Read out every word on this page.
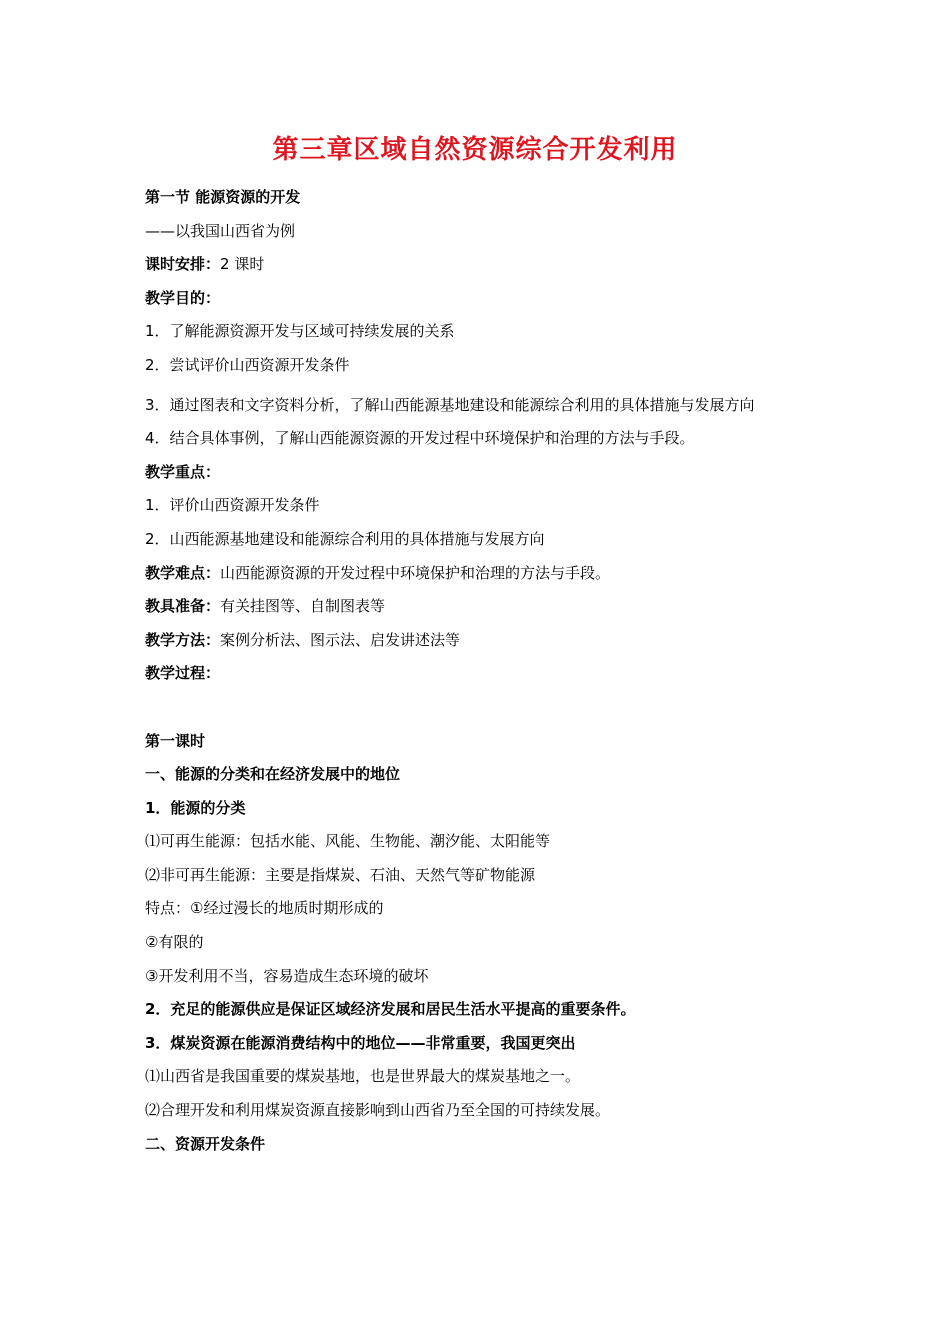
第三章区域自然资源综合开发利用
第一节 能源资源的开发
——以我国山西省为例
课时安排：2 课时
教学目的：
1．了解能源资源开发与区域可持续发展的关系
2．尝试评价山西资源开发条件
3．通过图表和文字资料分析，了解山西能源基地建设和能源综合利用的具体措施与发展方向
4．结合具体事例，了解山西能源资源的开发过程中环境保护和治理的方法与手段。
教学重点：
1．评价山西资源开发条件
2．山西能源基地建设和能源综合利用的具体措施与发展方向
教学难点：山西能源资源的开发过程中环境保护和治理的方法与手段。
教具准备：有关挂图等、自制图表等
教学方法：案例分析法、图示法、启发讲述法等
教学过程：
第一课时
一、能源的分类和在经济发展中的地位
1．能源的分类
⑴可再生能源：包括水能、风能、生物能、潮汐能、太阳能等
⑵非可再生能源：主要是指煤炭、石油、天然气等矿物能源
特点：①经过漫长的地质时期形成的
②有限的
③开发利用不当，容易造成生态环境的破坏
2．充足的能源供应是保证区域经济发展和居民生活水平提高的重要条件。
3．煤炭资源在能源消费结构中的地位——非常重要，我国更突出
⑴山西省是我国重要的煤炭基地，也是世界最大的煤炭基地之一。
⑵合理开发和利用煤炭资源直接影响到山西省乃至全国的可持续发展。
二、资源开发条件
